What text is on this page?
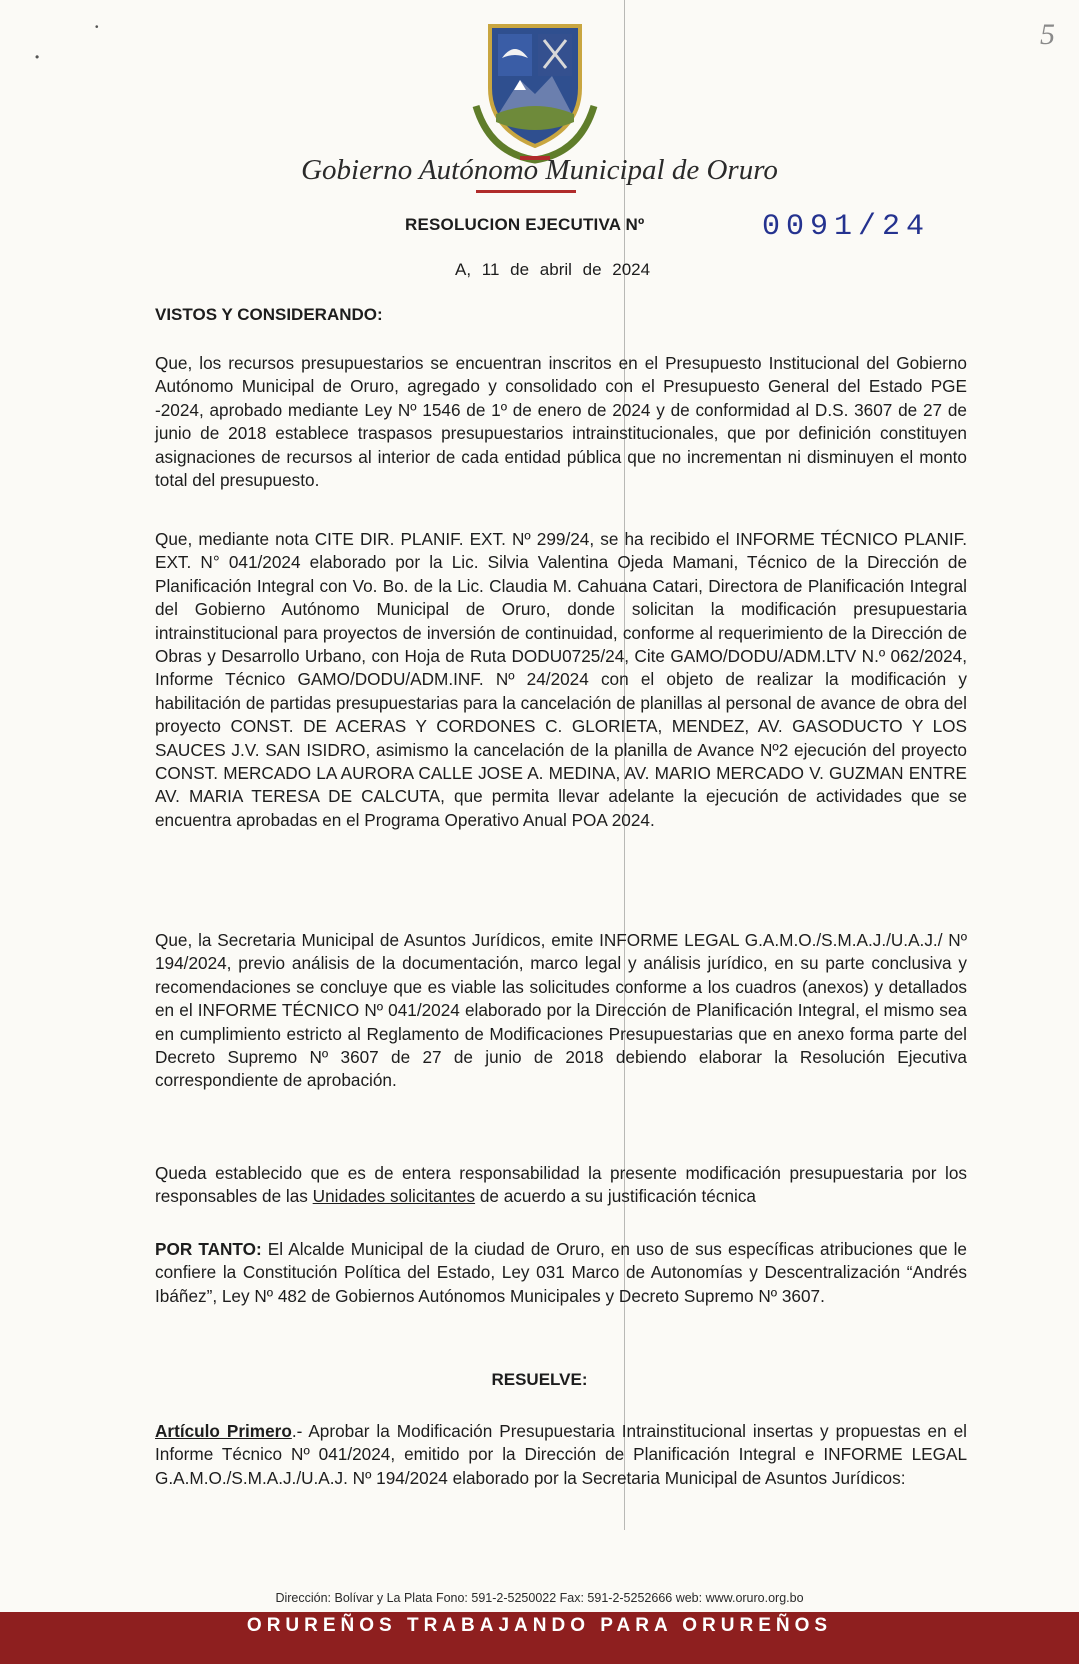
5
•
•
Gobierno Autónomo Municipal de Oruro
RESOLUCION EJECUTIVA Nº	0091/24
A, 11 de abril de 2024
VISTOS Y CONSIDERANDO:

Que, los recursos presupuestarios se encuentran inscritos en el Presupuesto Institucional del Gobierno Autónomo Municipal de Oruro, agregado y consolidado con el Presupuesto General del Estado PGE -2024, aprobado mediante Ley Nº 1546 de 1º de enero de 2024 y de conformidad al D.S. 3607 de 27 de junio de 2018 establece traspasos presupuestarios intrainstitucionales, que por definición constituyen asignaciones de recursos al interior de cada entidad pública que no incrementan ni disminuyen el monto total del presupuesto.

Que, mediante nota CITE DIR. PLANIF. EXT. Nº 299/24, se ha recibido el INFORME TÉCNICO PLANIF. EXT. N° 041/2024 elaborado por la Lic. Silvia Valentina Ojeda Mamani, Técnico de la Dirección de Planificación Integral con Vo. Bo. de la Lic. Claudia M. Cahuana Catari, Directora de Planificación Integral del Gobierno Autónomo Municipal de Oruro, donde solicitan la modificación presupuestaria intrainstitucional para proyectos de inversión de continuidad, conforme al requerimiento de la Dirección de Obras y Desarrollo Urbano, con Hoja de Ruta DODU0725/24, Cite GAMO/DODU/ADM.LTV N.º 062/2024, Informe Técnico GAMO/DODU/ADM.INF. Nº 24/2024 con el objeto de realizar la modificación y habilitación de partidas presupuestarias para la cancelación de planillas al personal de avance de obra del proyecto CONST. DE ACERAS Y CORDONES C. GLORIETA, MENDEZ, AV. GASODUCTO Y LOS SAUCES J.V. SAN ISIDRO, asimismo la cancelación de la planilla de Avance Nº2 ejecución del proyecto CONST. MERCADO LA AURORA CALLE JOSE A. MEDINA, AV. MARIO MERCADO V. GUZMAN ENTRE AV. MARIA TERESA DE CALCUTA, que permita llevar adelante la ejecución de actividades que se encuentra aprobadas en el Programa Operativo Anual POA 2024.

Que, la Secretaria Municipal de Asuntos Jurídicos, emite INFORME LEGAL G.A.M.O./S.M.A.J./U.A.J./ Nº 194/2024, previo análisis de la documentación, marco legal y análisis jurídico, en su parte conclusiva y recomendaciones se concluye que es viable las solicitudes conforme a los cuadros (anexos) y detallados en el INFORME TÉCNICO Nº 041/2024 elaborado por la Dirección de Planificación Integral, el mismo sea en cumplimiento estricto al Reglamento de Modificaciones Presupuestarias que en anexo forma parte del Decreto Supremo Nº 3607 de 27 de junio de 2018 debiendo elaborar la Resolución Ejecutiva correspondiente de aprobación.

Queda establecido que es de entera responsabilidad la presente modificación presupuestaria por los responsables de las Unidades solicitantes de acuerdo a su justificación técnica

POR TANTO: El Alcalde Municipal de la ciudad de Oruro, en uso de sus específicas atribuciones que le confiere la Constitución Política del Estado, Ley 031 Marco de Autonomías y Descentralización “Andrés Ibáñez”, Ley Nº 482 de Gobiernos Autónomos Municipales y Decreto Supremo Nº 3607.

RESUELVE:

Artículo Primero.- Aprobar la Modificación Presupuestaria Intrainstitucional insertas y propuestas en el Informe Técnico Nº 041/2024, emitido por la Dirección de Planificación Integral e INFORME LEGAL G.A.M.O./S.M.A.J./U.A.J. Nº 194/2024 elaborado por la Secretaria Municipal de Asuntos Jurídicos:

Dirección: Bolívar y La Plata Fono: 591-2-5250022 Fax: 591-2-5252666 web: www.oruro.org.bo
ORUREÑOS TRABAJANDO PARA ORUREÑOS
